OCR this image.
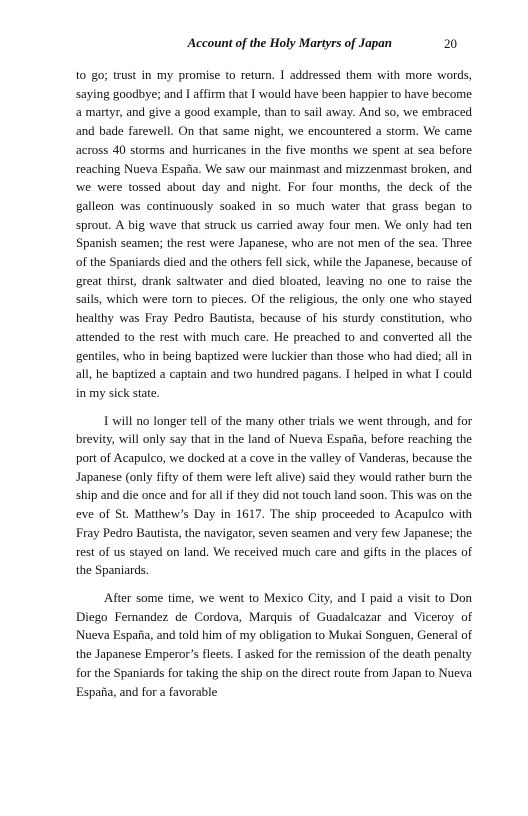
Account of the Holy Martyrs of Japan	20

to go; trust in my promise to return. I addressed them with more words, saying goodbye; and I affirm that I would have been happier to have become a martyr, and give a good example, than to sail away. And so, we embraced and bade farewell. On that same night, we encountered a storm. We came across 40 storms and hurricanes in the five months we spent at sea before reaching Nueva España. We saw our mainmast and mizzenmast broken, and we were tossed about day and night. For four months, the deck of the galleon was continuously soaked in so much water that grass began to sprout. A big wave that struck us carried away four men. We only had ten Spanish seamen; the rest were Japanese, who are not men of the sea. Three of the Spaniards died and the others fell sick, while the Japanese, because of great thirst, drank saltwater and died bloated, leaving no one to raise the sails, which were torn to pieces. Of the religious, the only one who stayed healthy was Fray Pedro Bautista, because of his sturdy constitution, who attended to the rest with much care. He preached to and converted all the gentiles, who in being baptized were luckier than those who had died; all in all, he baptized a captain and two hundred pagans. I helped in what I could in my sick state.

I will no longer tell of the many other trials we went through, and for brevity, will only say that in the land of Nueva España, before reaching the port of Acapulco, we docked at a cove in the valley of Vanderas, because the Japanese (only fifty of them were left alive) said they would rather burn the ship and die once and for all if they did not touch land soon. This was on the eve of St. Matthew’s Day in 1617. The ship proceeded to Acapulco with Fray Pedro Bautista, the navigator, seven seamen and very few Japanese; the rest of us stayed on land. We received much care and gifts in the places of the Spaniards.

After some time, we went to Mexico City, and I paid a visit to Don Diego Fernandez de Cordova, Marquis of Guadalcazar and Viceroy of Nueva España, and told him of my obligation to Mukai Songuen, General of the Japanese Emperor’s fleets. I asked for the remission of the death penalty for the Spaniards for taking the ship on the direct route from Japan to Nueva España, and for a favorable
